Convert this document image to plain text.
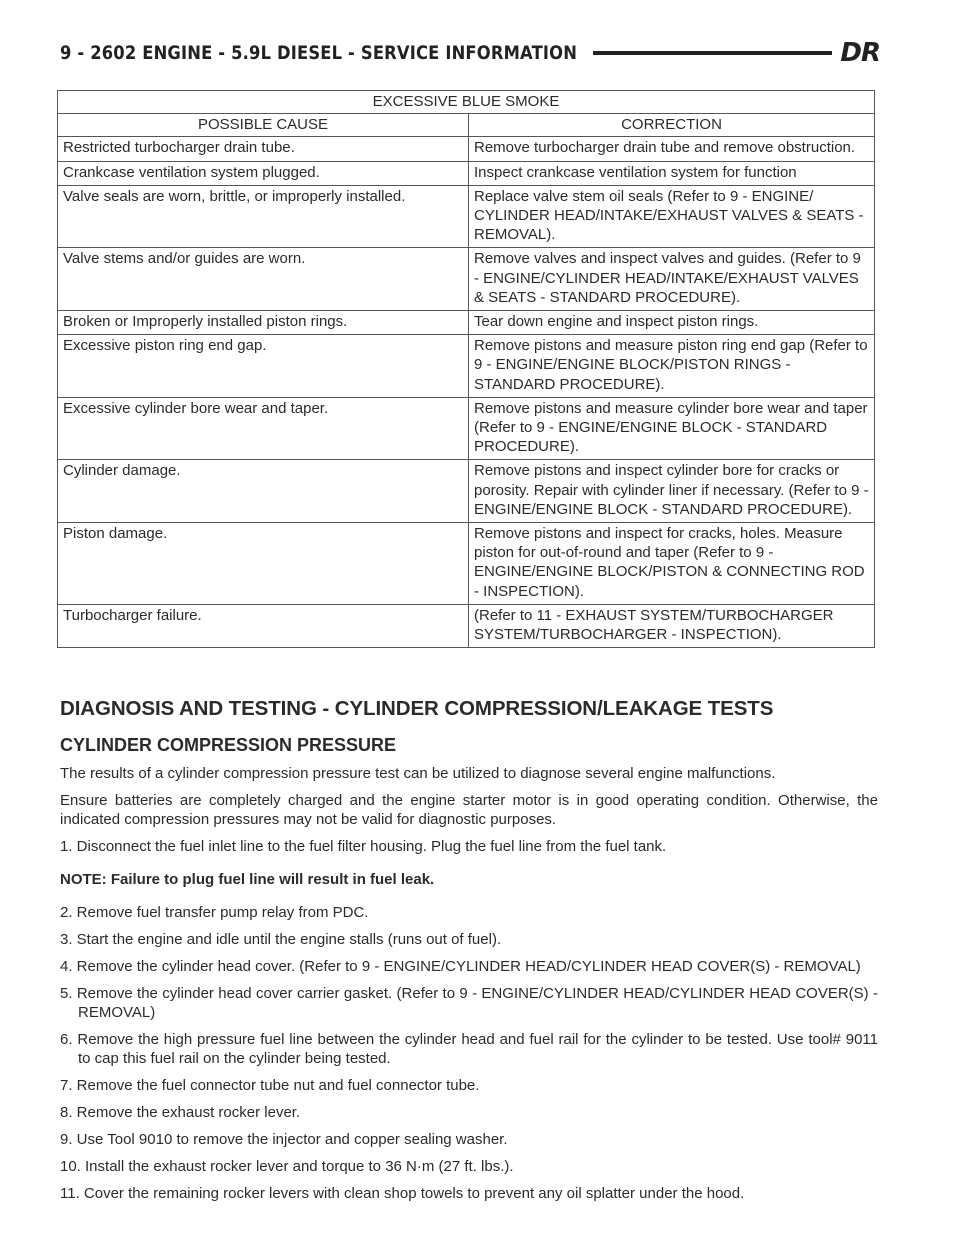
9 - 2602 ENGINE - 5.9L DIESEL - SERVICE INFORMATION	DR
EXCESSIVE BLUE SMOKE	
POSSIBLE CAUSE	CORRECTION
Restricted turbocharger drain tube.	Remove turbocharger drain tube and remove obstruction.
Crankcase ventilation system plugged.	Inspect crankcase ventilation system for function
Valve seals are worn, brittle, or improperly installed.	Replace valve stem oil seals (Refer to 9 - ENGINE/ CYLINDER HEAD/INTAKE/EXHAUST VALVES & SEATS - REMOVAL).
Valve stems and/or guides are worn.	Remove valves and inspect valves and guides. (Refer to 9 - ENGINE/CYLINDER HEAD/INTAKE/EXHAUST VALVES & SEATS - STANDARD PROCEDURE).
Broken or Improperly installed piston rings.	Tear down engine and inspect piston rings.
Excessive piston ring end gap.	Remove pistons and measure piston ring end gap (Refer to 9 - ENGINE/ENGINE BLOCK/PISTON RINGS - STANDARD PROCEDURE).
Excessive cylinder bore wear and taper.	Remove pistons and measure cylinder bore wear and taper (Refer to 9 - ENGINE/ENGINE BLOCK - STANDARD PROCEDURE).
Cylinder damage.	Remove pistons and inspect cylinder bore for cracks or porosity. Repair with cylinder liner if necessary. (Refer to 9 - ENGINE/ENGINE BLOCK - STANDARD PROCEDURE).
Piston damage.	Remove pistons and inspect for cracks, holes. Measure piston for out-of-round and taper (Refer to 9 - ENGINE/ENGINE BLOCK/PISTON & CONNECTING ROD - INSPECTION).
Turbocharger failure.	(Refer to 11 - EXHAUST SYSTEM/TURBOCHARGER SYSTEM/TURBOCHARGER - INSPECTION).
DIAGNOSIS AND TESTING - CYLINDER COMPRESSION/LEAKAGE TESTS
CYLINDER COMPRESSION PRESSURE

The results of a cylinder compression pressure test can be utilized to diagnose several engine malfunctions.

Ensure batteries are completely charged and the engine starter motor is in good operating condition. Otherwise, the indicated compression pressures may not be valid for diagnostic purposes.

1. Disconnect the fuel inlet line to the fuel filter housing. Plug the fuel line from the fuel tank.

NOTE: Failure to plug fuel line will result in fuel leak.

2. Remove fuel transfer pump relay from PDC.

3. Start the engine and idle until the engine stalls (runs out of fuel).

4. Remove the cylinder head cover. (Refer to 9 - ENGINE/CYLINDER HEAD/CYLINDER HEAD COVER(S) - REMOVAL)

5. Remove the cylinder head cover carrier gasket. (Refer to 9 - ENGINE/CYLINDER HEAD/CYLINDER HEAD COVER(S) - REMOVAL)

6. Remove the high pressure fuel line between the cylinder head and fuel rail for the cylinder to be tested. Use tool# 9011 to cap this fuel rail on the cylinder being tested.

7. Remove the fuel connector tube nut and fuel connector tube.

8. Remove the exhaust rocker lever.

9. Use Tool 9010 to remove the injector and copper sealing washer.

10. Install the exhaust rocker lever and torque to 36 N·m (27 ft. lbs.).

11. Cover the remaining rocker levers with clean shop towels to prevent any oil splatter under the hood.
